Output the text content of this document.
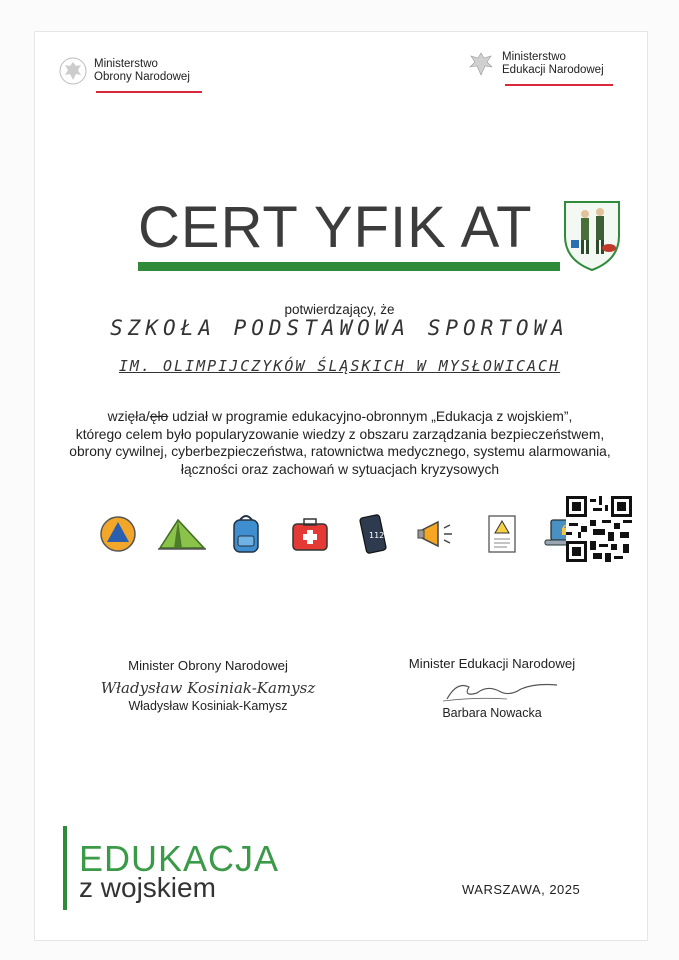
Ministerstwo
Obrony Narodowej
Ministerstwo
Edukacji Narodowej
CERT YFIK AT
potwierdzający, że
SZKOŁA PODSTAWOWA SPORTOWA
IM. OLIMPIJCZYKÓW ŚLĄSKICH W MYSŁOWICACH
wzięła/ęło udział w programie edukacyjno-obronnym „Edukacja z wojskiem”,
którego celem było popularyzowanie wiedzy z obszaru zarządzania bezpieczeństwem,
obrony cywilnej, cyberbezpieczeństwa, ratownictwa medycznego, systemu alarmowania,
łączności oraz zachowań w sytuacjach kryzysowych
112
Minister Obrony Narodowej
Władysław Kosiniak-Kamysz
Władysław Kosiniak-Kamysz
Minister Edukacji Narodowej
Barbara Nowacka
EDUKACJA
z wojskiem	WARSZAWA, 2025
